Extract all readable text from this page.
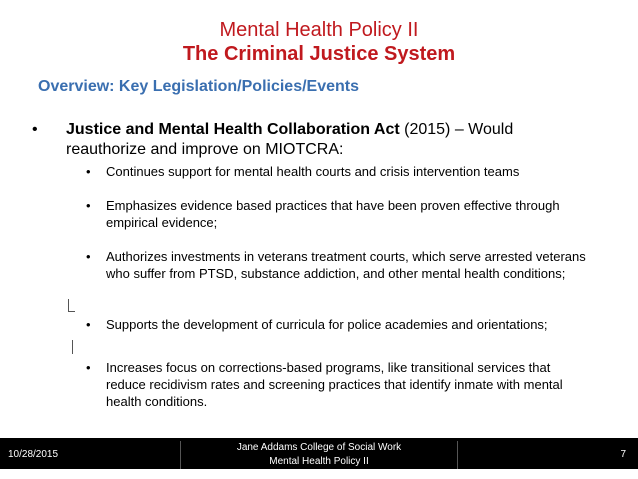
Mental Health Policy II
The Criminal Justice System
Overview: Key Legislation/Policies/Events
• Justice and Mental Health Collaboration Act (2015) – Would reauthorize and improve on MIOTCRA:
• Continues support for mental health courts and crisis intervention teams
• Emphasizes evidence based practices that have been proven effective through empirical evidence;
• Authorizes investments in veterans treatment courts, which serve arrested veterans who suffer from PTSD, substance addiction, and other mental health conditions;
• Supports the development of curricula for police academies and orientations;
• Increases focus on corrections-based programs, like transitional services that reduce recidivism rates and screening practices that identify inmate with mental health conditions.
10/28/2015
Jane Addams College of Social Work
Mental Health Policy II
7
